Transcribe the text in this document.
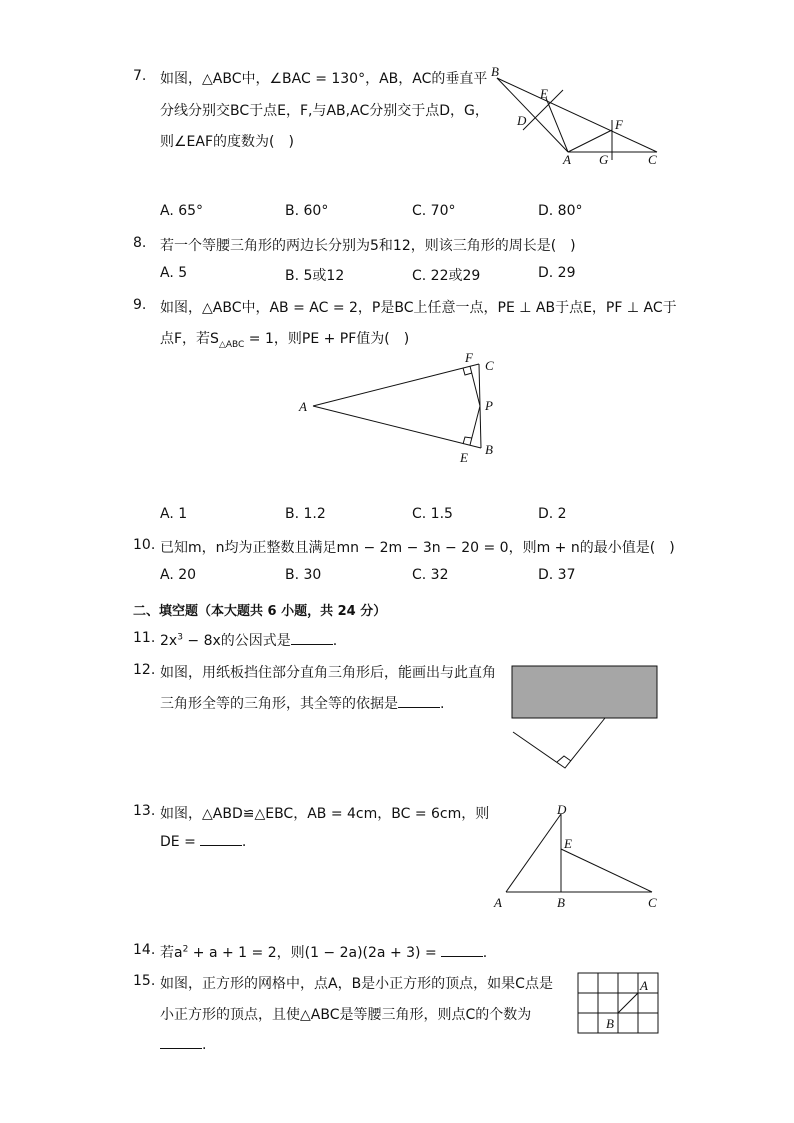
7. 如图，△ABC中，∠BAC = 130°，AB，AC的垂直平
分线分别交BC于点E，F,与AB,AC分别交于点D，G，
则∠EAF的度数为(　)
B
E
D	F
A G	C
A. 65°	B. 60°	C. 70°	D. 80°
8. 若一个等腰三角形的两边长分别为5和12，则该三角形的周长是(　)
A. 5	B. 5或12	C. 22或29	D. 29
9. 如图，△ABC中，AB = AC = 2，P是BC上任意一点，PE ⊥ AB于点E，PF ⊥ AC于
点F，若$S_{\triangle ABC} = 1$，则PE + PF值为(　)
F
C
A	P
E
B
A. 1	B. 1.2	C. 1.5	D. 2
10. 已知m，n均为正整数且满足mn − 2m − 3n − 20 = 0，则m + n的最小值是(　)
A. 20	B. 30	C. 32	D. 37
二、填空题（本大题共 6 小题，共 24 分）
11. $2x^3 - 8x$的公因式是	.
12. 如图，用纸板挡住部分直角三角形后，能画出与此直角
三角形全等的三角形，其全等的依据是	.
13. 如图，△ABD≌△EBC，AB = 4cm，BC = 6cm，则
DE =	.
D
E
A	B	C
14. 若$a^2 + a + 1 = 2$，则(1 − 2a)(2a + 3) =	.
15. 如图，正方形的网格中，点A，B是小正方形的顶点，如果C点是
小正方形的顶点，且使△ABC是等腰三角形，则点C的个数为
.
A
B
